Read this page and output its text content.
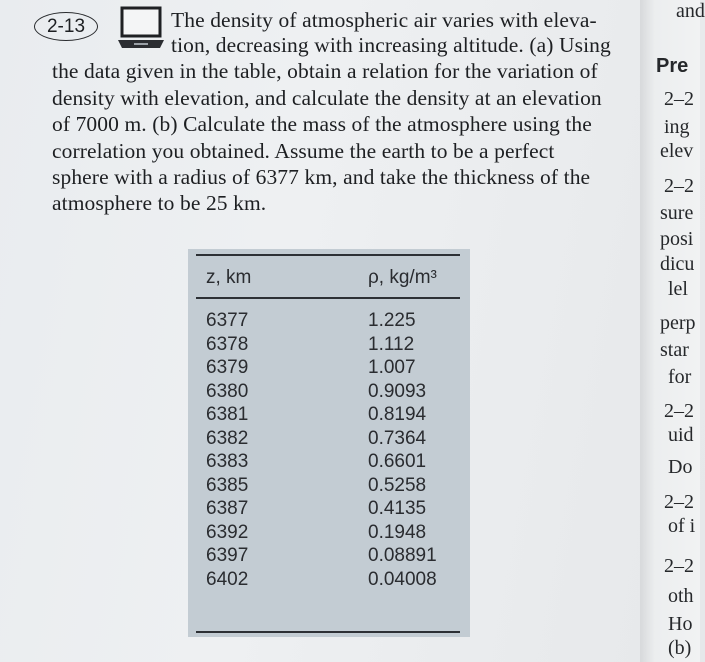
2-13	The density of atmospheric air varies with eleva-
tion, decreasing with increasing altitude. (a) Using
the data given in the table, obtain a relation for the variation of
density with elevation, and calculate the density at an elevation
of 7000 m. (b) Calculate the mass of the atmosphere using the
correlation you obtained. Assume the earth to be a perfect
sphere with a radius of 6377 km, and take the thickness of the
atmosphere to be 25 km.
z, km	ρ, kg/m³
6377
6378
6379
6380
6381
6382
6383
6385
6387
6392
6397
6402
1.225
1.112
1.007
0.9093
0.8194
0.7364
0.6601
0.5258
0.4135
0.1948
0.08891
0.04008
and
Pre
2–2
ing
elev
2–2
sure
posi
dicu
lel
perp
star
for
2–2
uid
Do
2–2
of i
2–2
oth
Ho
(b)
